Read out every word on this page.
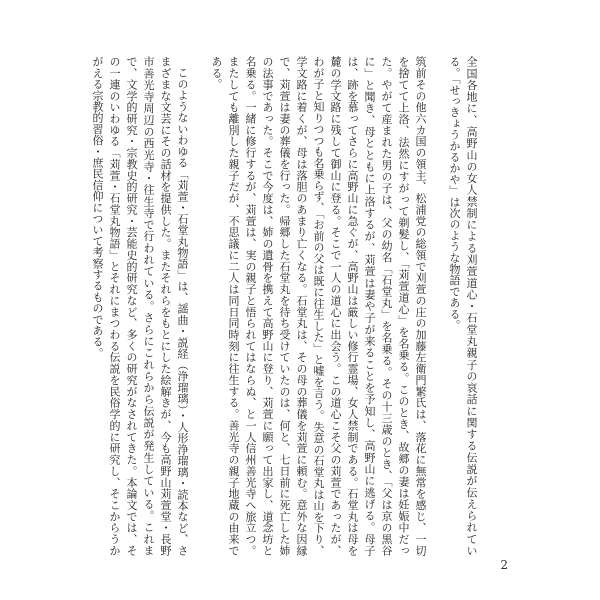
全国各地に、高野山の女人禁制による刈萱道心・石堂丸親子の哀話に関する伝説が伝えられている。「せっきょうかるかや」は次のような物語である。

筑前その他六カ国の領主、松浦党の総領で刈萱の庄の加藤左衛門繁氏は、落花に無常を感じ、一切を捨てて上洛、法然にすがって剃髪し、「苅萱道心」を名乗る。このとき、故郷の妻は妊娠中だった。やがて産まれた男の子は、父の幼名「石堂丸」を名乗る。その十三歳のとき、「父は京の黒谷に」と聞き、母とともに上洛するが、苅萱は妻や子が来ることを予知し、高野山に逃げる。母子は、跡を慕ってさらに高野山に急ぐが、高野山は厳しい修行霊場、女人禁制である。石堂丸は母を麓の学文路に残して御山に登る。そこで一人の道心に出会う。この道心こそ父の苅萱であったが、わが子と知りつつも名乗らず、「お前の父は既に往生した」と嘘を言う。失意の石堂丸は山を下り、学文路に着くが、母は落胆のあまり亡くなる。石堂丸は、その母の葬儀を苅萱に頼む。意外な因縁で、苅萱は妻の葬儀を行った。帰郷した石堂丸を待ち受けていたのは、何と、七日前に死亡した姉の法事であった。そこで今度は、姉の遺骨を携えて高野山に登り、苅萱に願って出家し、道念坊と名乗る。一緒に修行するが、苅萱は、実の親子と悟られてはならぬ、と一人信州善光寺へ旅立つ。またしても離別した親子だが、不思議に二人は同日同時刻に往生する。善光寺の親子地蔵の由来である。

このようないわゆる「苅萱・石堂丸物語」は、謡曲・説経（浄瑠璃）・人形浄瑠璃・読本など、さまざまな文芸にその話材を提供した。またそれらをもとにした絵解きが、今も高野山苅萱堂・長野市善光寺周辺の西光寺・往生寺で行われている。さらにこれらから伝説が発生している。これまで、文学的研究・宗教史的研究・芸能史的研究など、多くの研究がなされてきた。本論文では、その一連のいわゆる「苅萱・石堂丸物語」とそれにまつわる伝説を民俗学的に研究し、そこからうかがえる宗教的習俗・庶民信仰について考察するものである。

2
